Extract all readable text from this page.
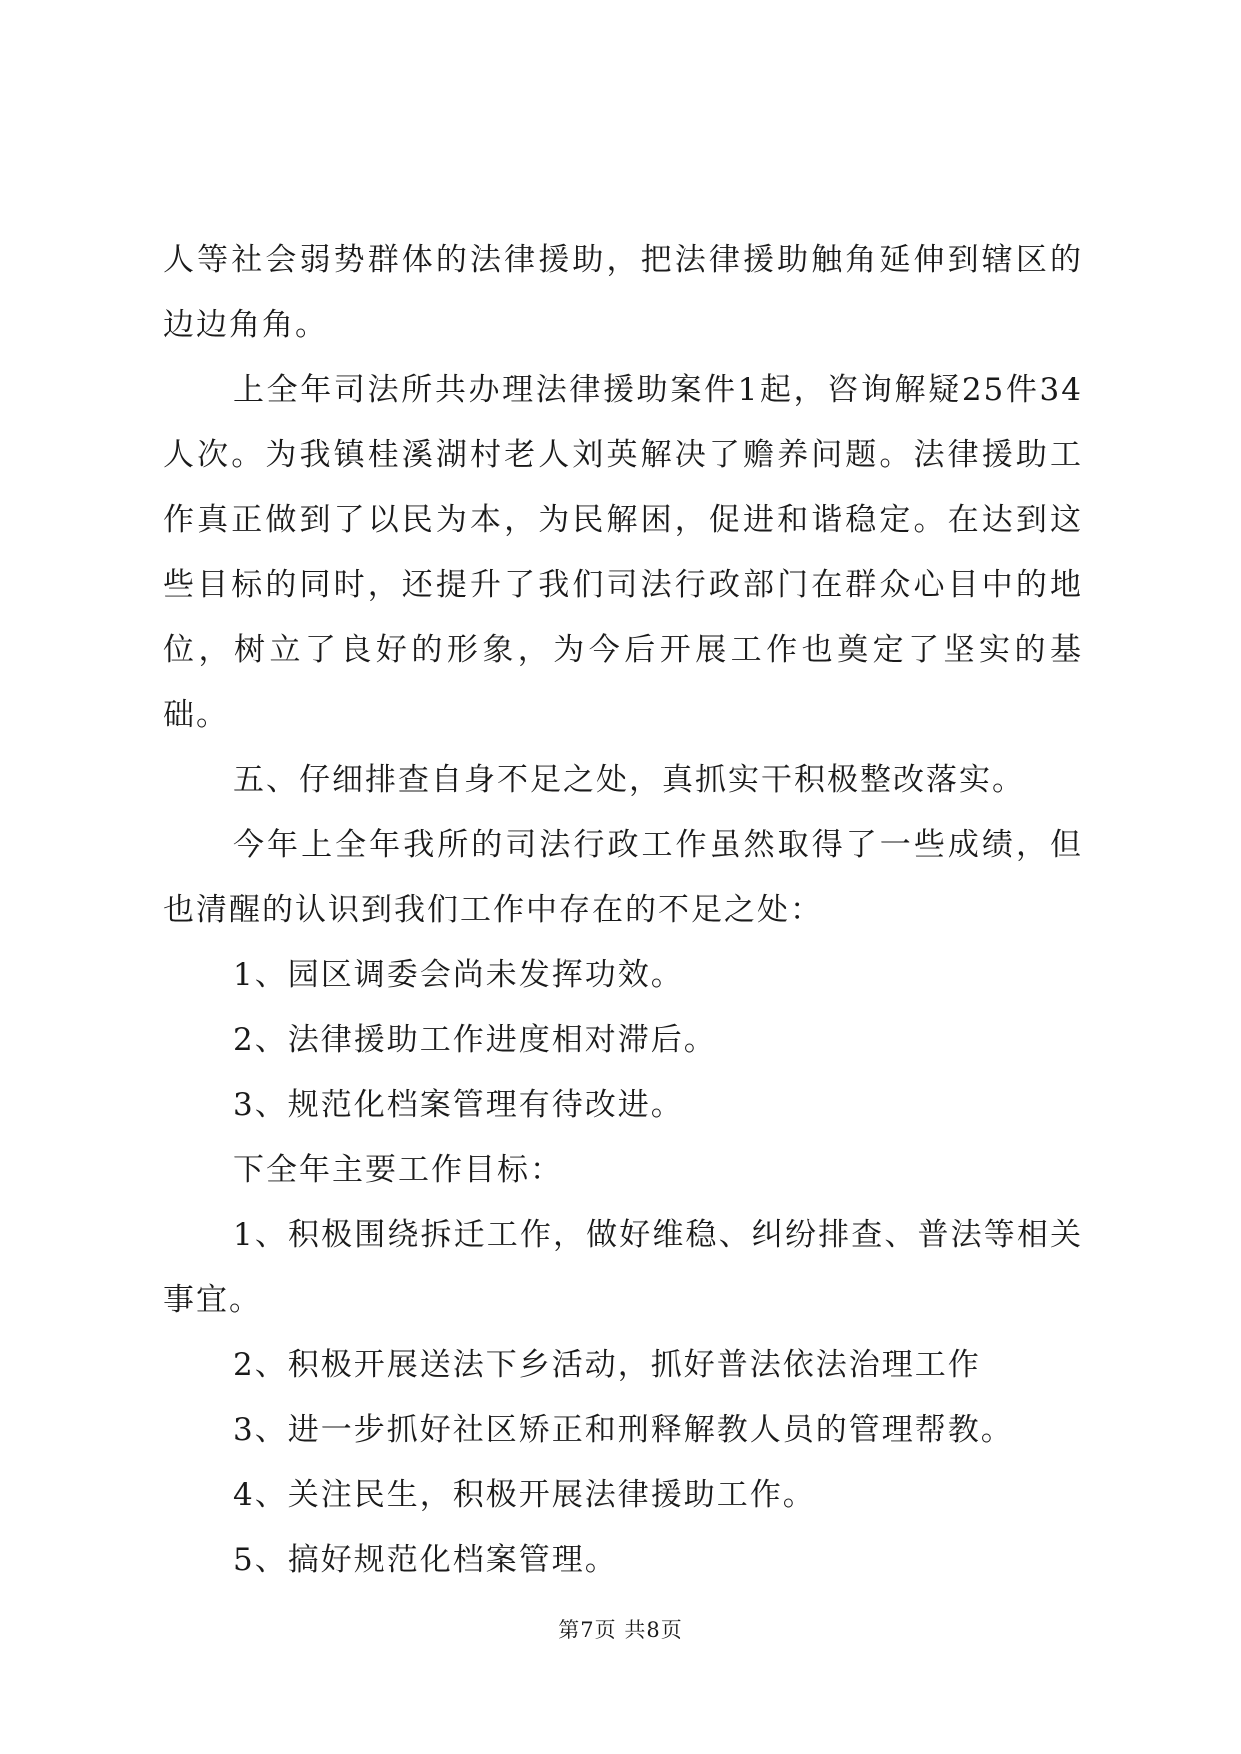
人等社会弱势群体的法律援助，把法律援助触角延伸到辖区的边边角角。

上全年司法所共办理法律援助案件1起，咨询解疑25件34人次。为我镇桂溪湖村老人刘英解决了赡养问题。法律援助工作真正做到了以民为本，为民解困，促进和谐稳定。在达到这些目标的同时，还提升了我们司法行政部门在群众心目中的地位，树立了良好的形象，为今后开展工作也奠定了坚实的基础。

五、仔细排查自身不足之处，真抓实干积极整改落实。

今年上全年我所的司法行政工作虽然取得了一些成绩，但也清醒的认识到我们工作中存在的不足之处：

1、园区调委会尚未发挥功效。

2、法律援助工作进度相对滞后。

3、规范化档案管理有待改进。

下全年主要工作目标：

1、积极围绕拆迁工作，做好维稳、纠纷排查、普法等相关事宜。

2、积极开展送法下乡活动，抓好普法依法治理工作

3、进一步抓好社区矫正和刑释解教人员的管理帮教。

4、关注民生，积极开展法律援助工作。

5、搞好规范化档案管理。

第7页 共8页
